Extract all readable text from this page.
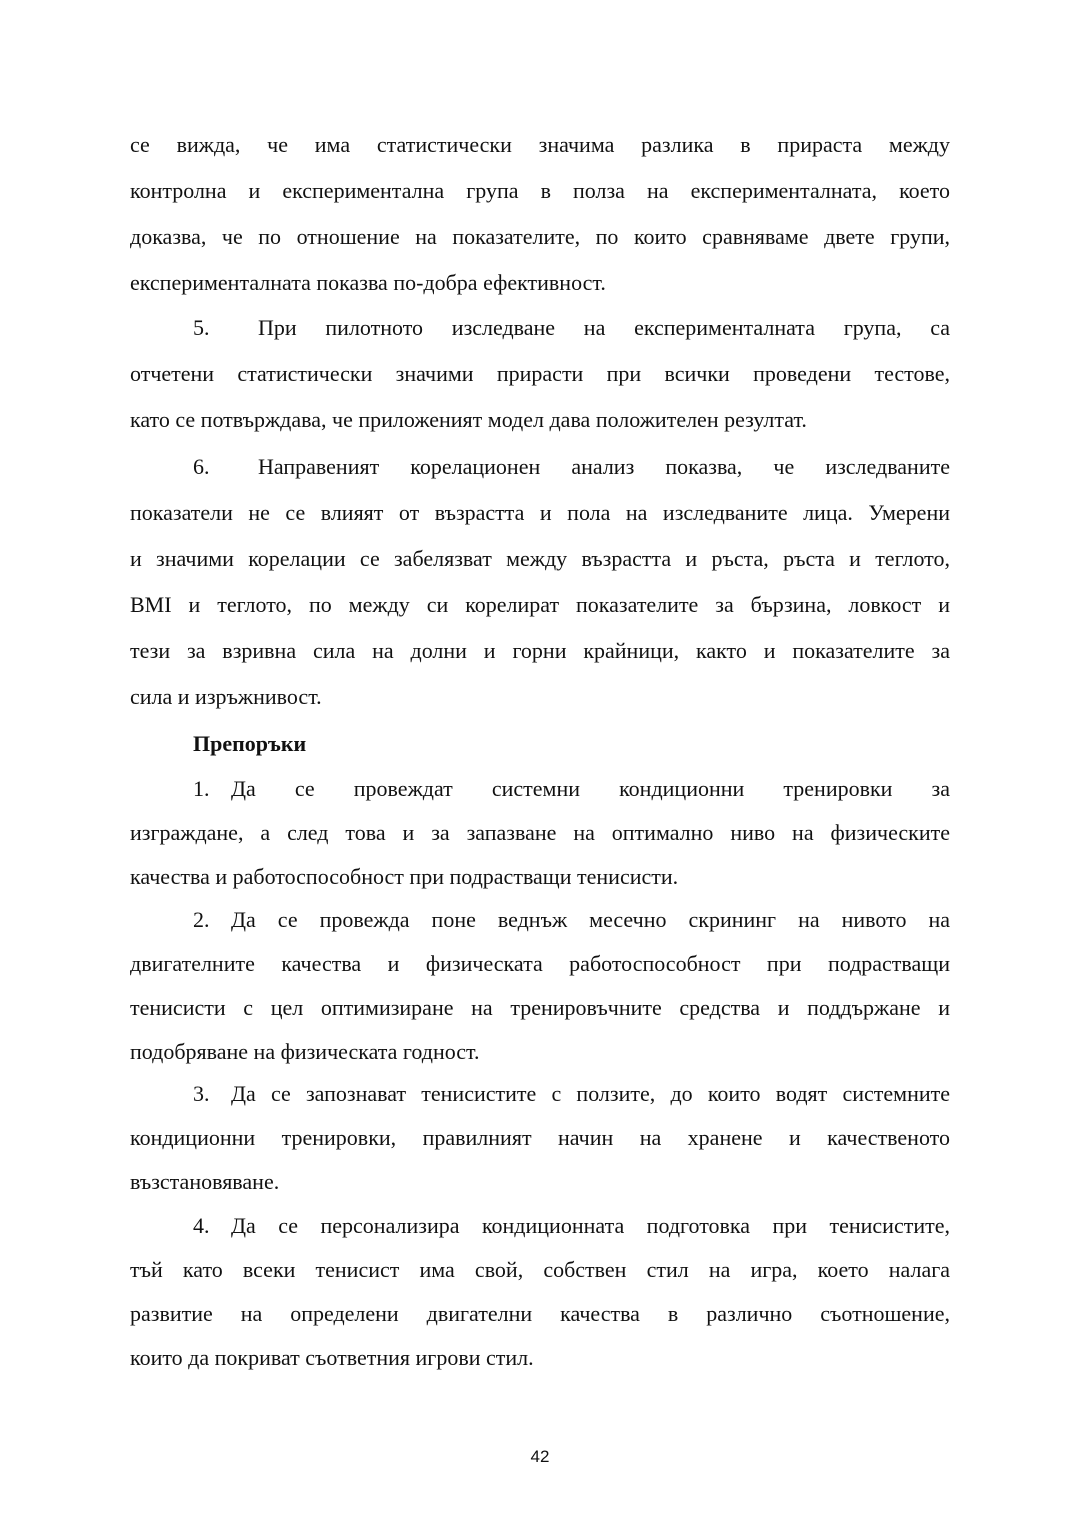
се вижда, че има статистически значима разлика в прираста между
контролна и експериментална група в полза на експерименталната, което
доказва, че по отношение на показателите, по които сравняваме двете групи,
експерименталната показва по-добра ефективност.
5.	При пилотното изследване на експерименталната група, са
отчетени статистически значими прирасти при всички проведени тестове,
като се потвърждава, че приложеният модел дава положителен резултат.
6.	Направеният корелационен анализ показва, че изследваните
показатели не се влияят от възрастта и пола на изследваните лица. Умерени
и значими корелации се забелязват между възрастта и ръста, ръста и теглото,
BMI и теглото, по между си корелират показателите за бързина, ловкост и
тези за взривна сила на долни и горни крайници, както и показателите за
сила и изръжнивост.
Препоръки
1. Да се провеждат системни кондиционни тренировки за
изграждане, а след това и за запазване на оптимално ниво на физическите
качества и работоспособност при подрастващи тенисисти.
2. Да се провежда поне веднъж месечно скрининг на нивото на
двигателните качества и физическата работоспособност при подрастващи
тенисисти с цел оптимизиране на тренировъчните средства и поддържане и
подобряване на физическата годност.
3. Да се запознават тенисистите с ползите, до които водят системните
кондиционни тренировки, правилният начин на хранене и качественото
възстановяване.
4. Да се персонализира кондиционната подготовка при тенисистите,
тъй като всеки тенисист има свой, собствен стил на игра, което налага
развитие на определени двигателни качества в различно съотношение,
които да покриват съответния игрови стил.
42
